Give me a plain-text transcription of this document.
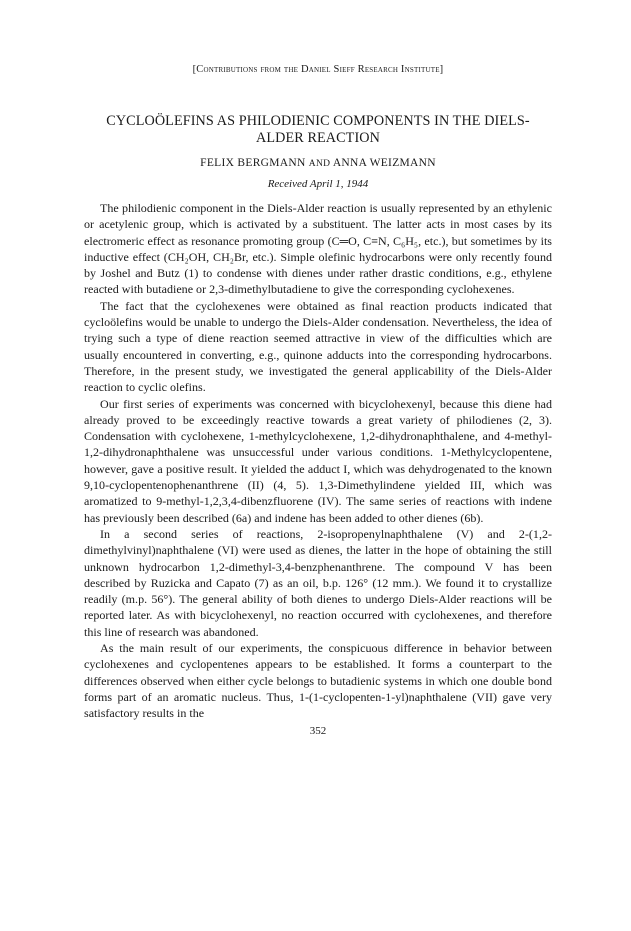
[Contributions from the Daniel Sieff Research Institute]
CYCLOÖLEFINS AS PHILODIENIC COMPONENTS IN THE DIELS-ALDER REACTION
FELIX BERGMANN AND ANNA WEIZMANN
Received April 1, 1944

The philodienic component in the Diels-Alder reaction is usually represented by an ethylenic or acetylenic group, which is activated by a substituent. The latter acts in most cases by its electromeric effect as resonance promoting group (C═O, C≡N, C₆H₅, etc.), but sometimes by its inductive effect (CH₂OH, CH₂Br, etc.). Simple olefinic hydrocarbons were only recently found by Joshel and Butz (1) to condense with dienes under rather drastic conditions, e.g., ethylene reacted with butadiene or 2,3-dimethylbutadiene to give the corresponding cyclohexenes.

The fact that the cyclohexenes were obtained as final reaction products indicated that cycloölefins would be unable to undergo the Diels-Alder condensation. Nevertheless, the idea of trying such a type of diene reaction seemed attractive in view of the difficulties which are usually encountered in converting, e.g., quinone adducts into the corresponding hydrocarbons. Therefore, in the present study, we investigated the general applicability of the Diels-Alder reaction to cyclic olefins.

Our first series of experiments was concerned with bicyclohexenyl, because this diene had already proved to be exceedingly reactive towards a great variety of philodienes (2, 3). Condensation with cyclohexene, 1-methylcyclohexene, 1,2-dihydronaphthalene, and 4-methyl-1,2-dihydronaphthalene was unsuccessful under various conditions. 1-Methylcyclopentene, however, gave a positive result. It yielded the adduct I, which was dehydrogenated to the known 9,10-cyclopentenophenanthrene (II) (4, 5). 1,3-Dimethylindene yielded III, which was aromatized to 9-methyl-1,2,3,4-dibenzfluorene (IV). The same series of reactions with indene has previously been described (6a) and indene has been added to other dienes (6b).

In a second series of reactions, 2-isopropenylnaphthalene (V) and 2-(1,2-dimethylvinyl)naphthalene (VI) were used as dienes, the latter in the hope of obtaining the still unknown hydrocarbon 1,2-dimethyl-3,4-benzphenanthrene. The compound V has been described by Ruzicka and Capato (7) as an oil, b.p. 126° (12 mm.). We found it to crystallize readily (m.p. 56°). The general ability of both dienes to undergo Diels-Alder reactions will be reported later. As with bicyclohexenyl, no reaction occurred with cyclohexenes, and therefore this line of research was abandoned.

As the main result of our experiments, the conspicuous difference in behavior between cyclohexenes and cyclopentenes appears to be established. It forms a counterpart to the differences observed when either cycle belongs to butadienic systems in which one double bond forms part of an aromatic nucleus. Thus, 1-(1-cyclopenten-1-yl)naphthalene (VII) gave very satisfactory results in the

352
